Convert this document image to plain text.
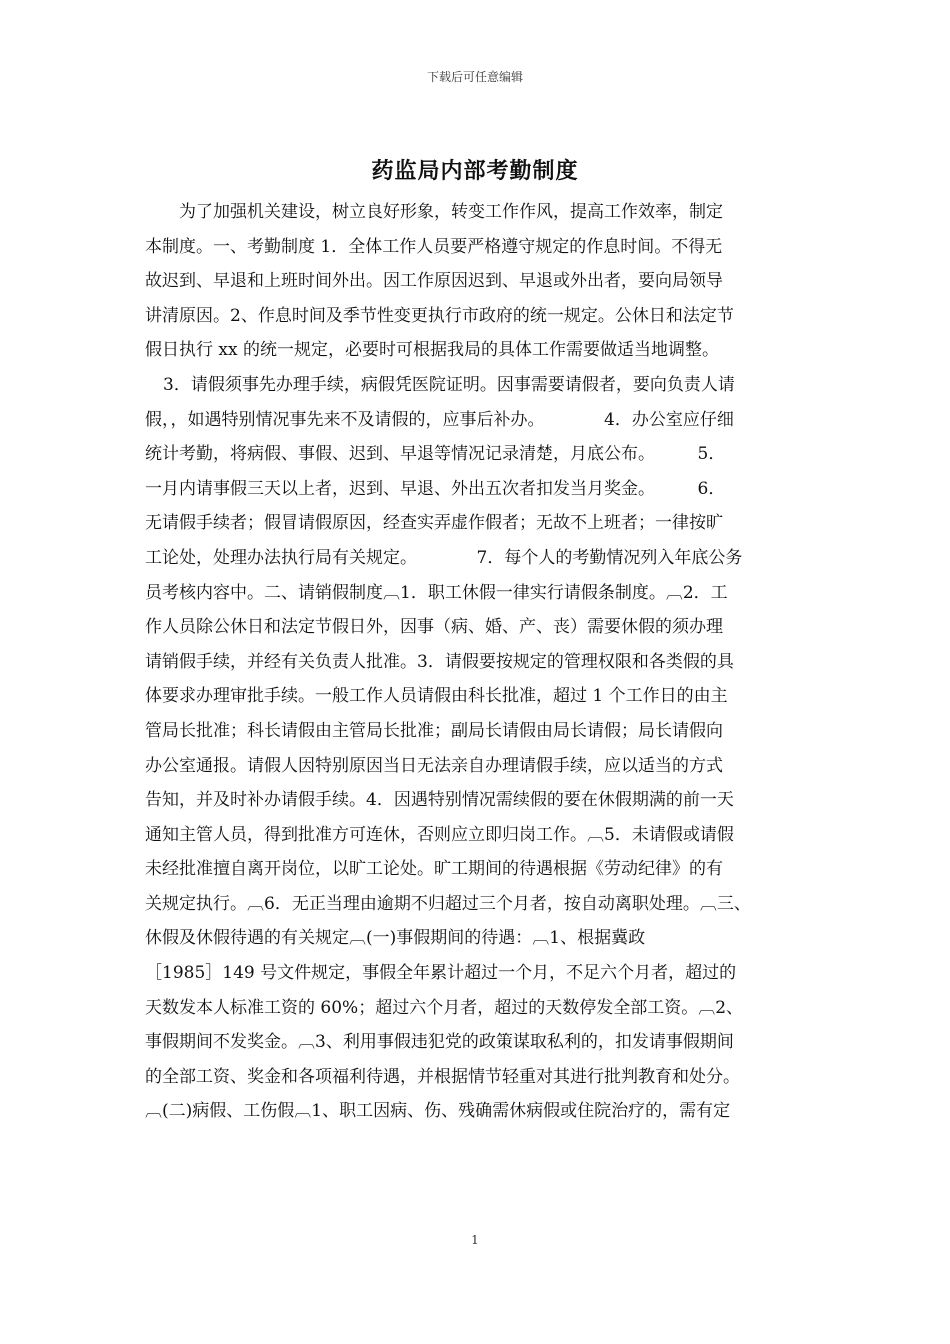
下载后可任意编辑
药监局内部考勤制度
为了加强机关建设，树立良好形象，转变工作作风，提高工作效率，制定
本制度。一、考勤制度 1．全体工作人员要严格遵守规定的作息时间。不得无
故迟到、早退和上班时间外出。因工作原因迟到、早退或外出者，要向局领导
讲清原因。2、作息时间及季节性变更执行市政府的统一规定。公休日和法定节
假日执行 xx 的统一规定，必要时可根据我局的具体工作需要做适当地调整。
3．请假须事先办理手续，病假凭医院证明。因事需要请假者，要向负责人请
假，，如遇特别情况事先来不及请假的，应事后补办。　　　　4．办公室应仔细
统计考勤，将病假、事假、迟到、早退等情况记录清楚，月底公布。　　　5．
一月内请事假三天以上者，迟到、早退、外出五次者扣发当月奖金。　　　6．
无请假手续者；假冒请假原因，经查实弄虚作假者；无故不上班者；一律按旷
工论处，处理办法执行局有关规定。　　　　7．每个人的考勤情况列入年底公务
员考核内容中。二、请销假制度︹1．职工休假一律实行请假条制度。︹2．工
作人员除公休日和法定节假日外，因事（病、婚、产、丧）需要休假的须办理
请销假手续，并经有关负责人批准。3．请假要按规定的管理权限和各类假的具
体要求办理审批手续。一般工作人员请假由科长批准，超过 1 个工作日的由主
管局长批准；科长请假由主管局长批准；副局长请假由局长请假；局长请假向
办公室通报。请假人因特别原因当日无法亲自办理请假手续，应以适当的方式
告知，并及时补办请假手续。4．因遇特别情况需续假的要在休假期满的前一天
通知主管人员，得到批准方可连休，否则应立即归岗工作。︹5．未请假或请假
未经批准擅自离开岗位，以旷工论处。旷工期间的待遇根据《劳动纪律》的有
关规定执行。︹6．无正当理由逾期不归超过三个月者，按自动离职处理。︹三、
休假及休假待遇的有关规定︹(一)事假期间的待遇：︹1、根据冀政
［1985］149 号文件规定，事假全年累计超过一个月，不足六个月者，超过的
天数发本人标准工资的 60%；超过六个月者，超过的天数停发全部工资。︹2、
事假期间不发奖金。︹3、利用事假违犯党的政策谋取私利的，扣发请事假期间
的全部工资、奖金和各项福利待遇，并根据情节轻重对其进行批判教育和处分。
︹(二)病假、工伤假︹1、职工因病、伤、残确需休病假或住院治疗的，需有定
1
